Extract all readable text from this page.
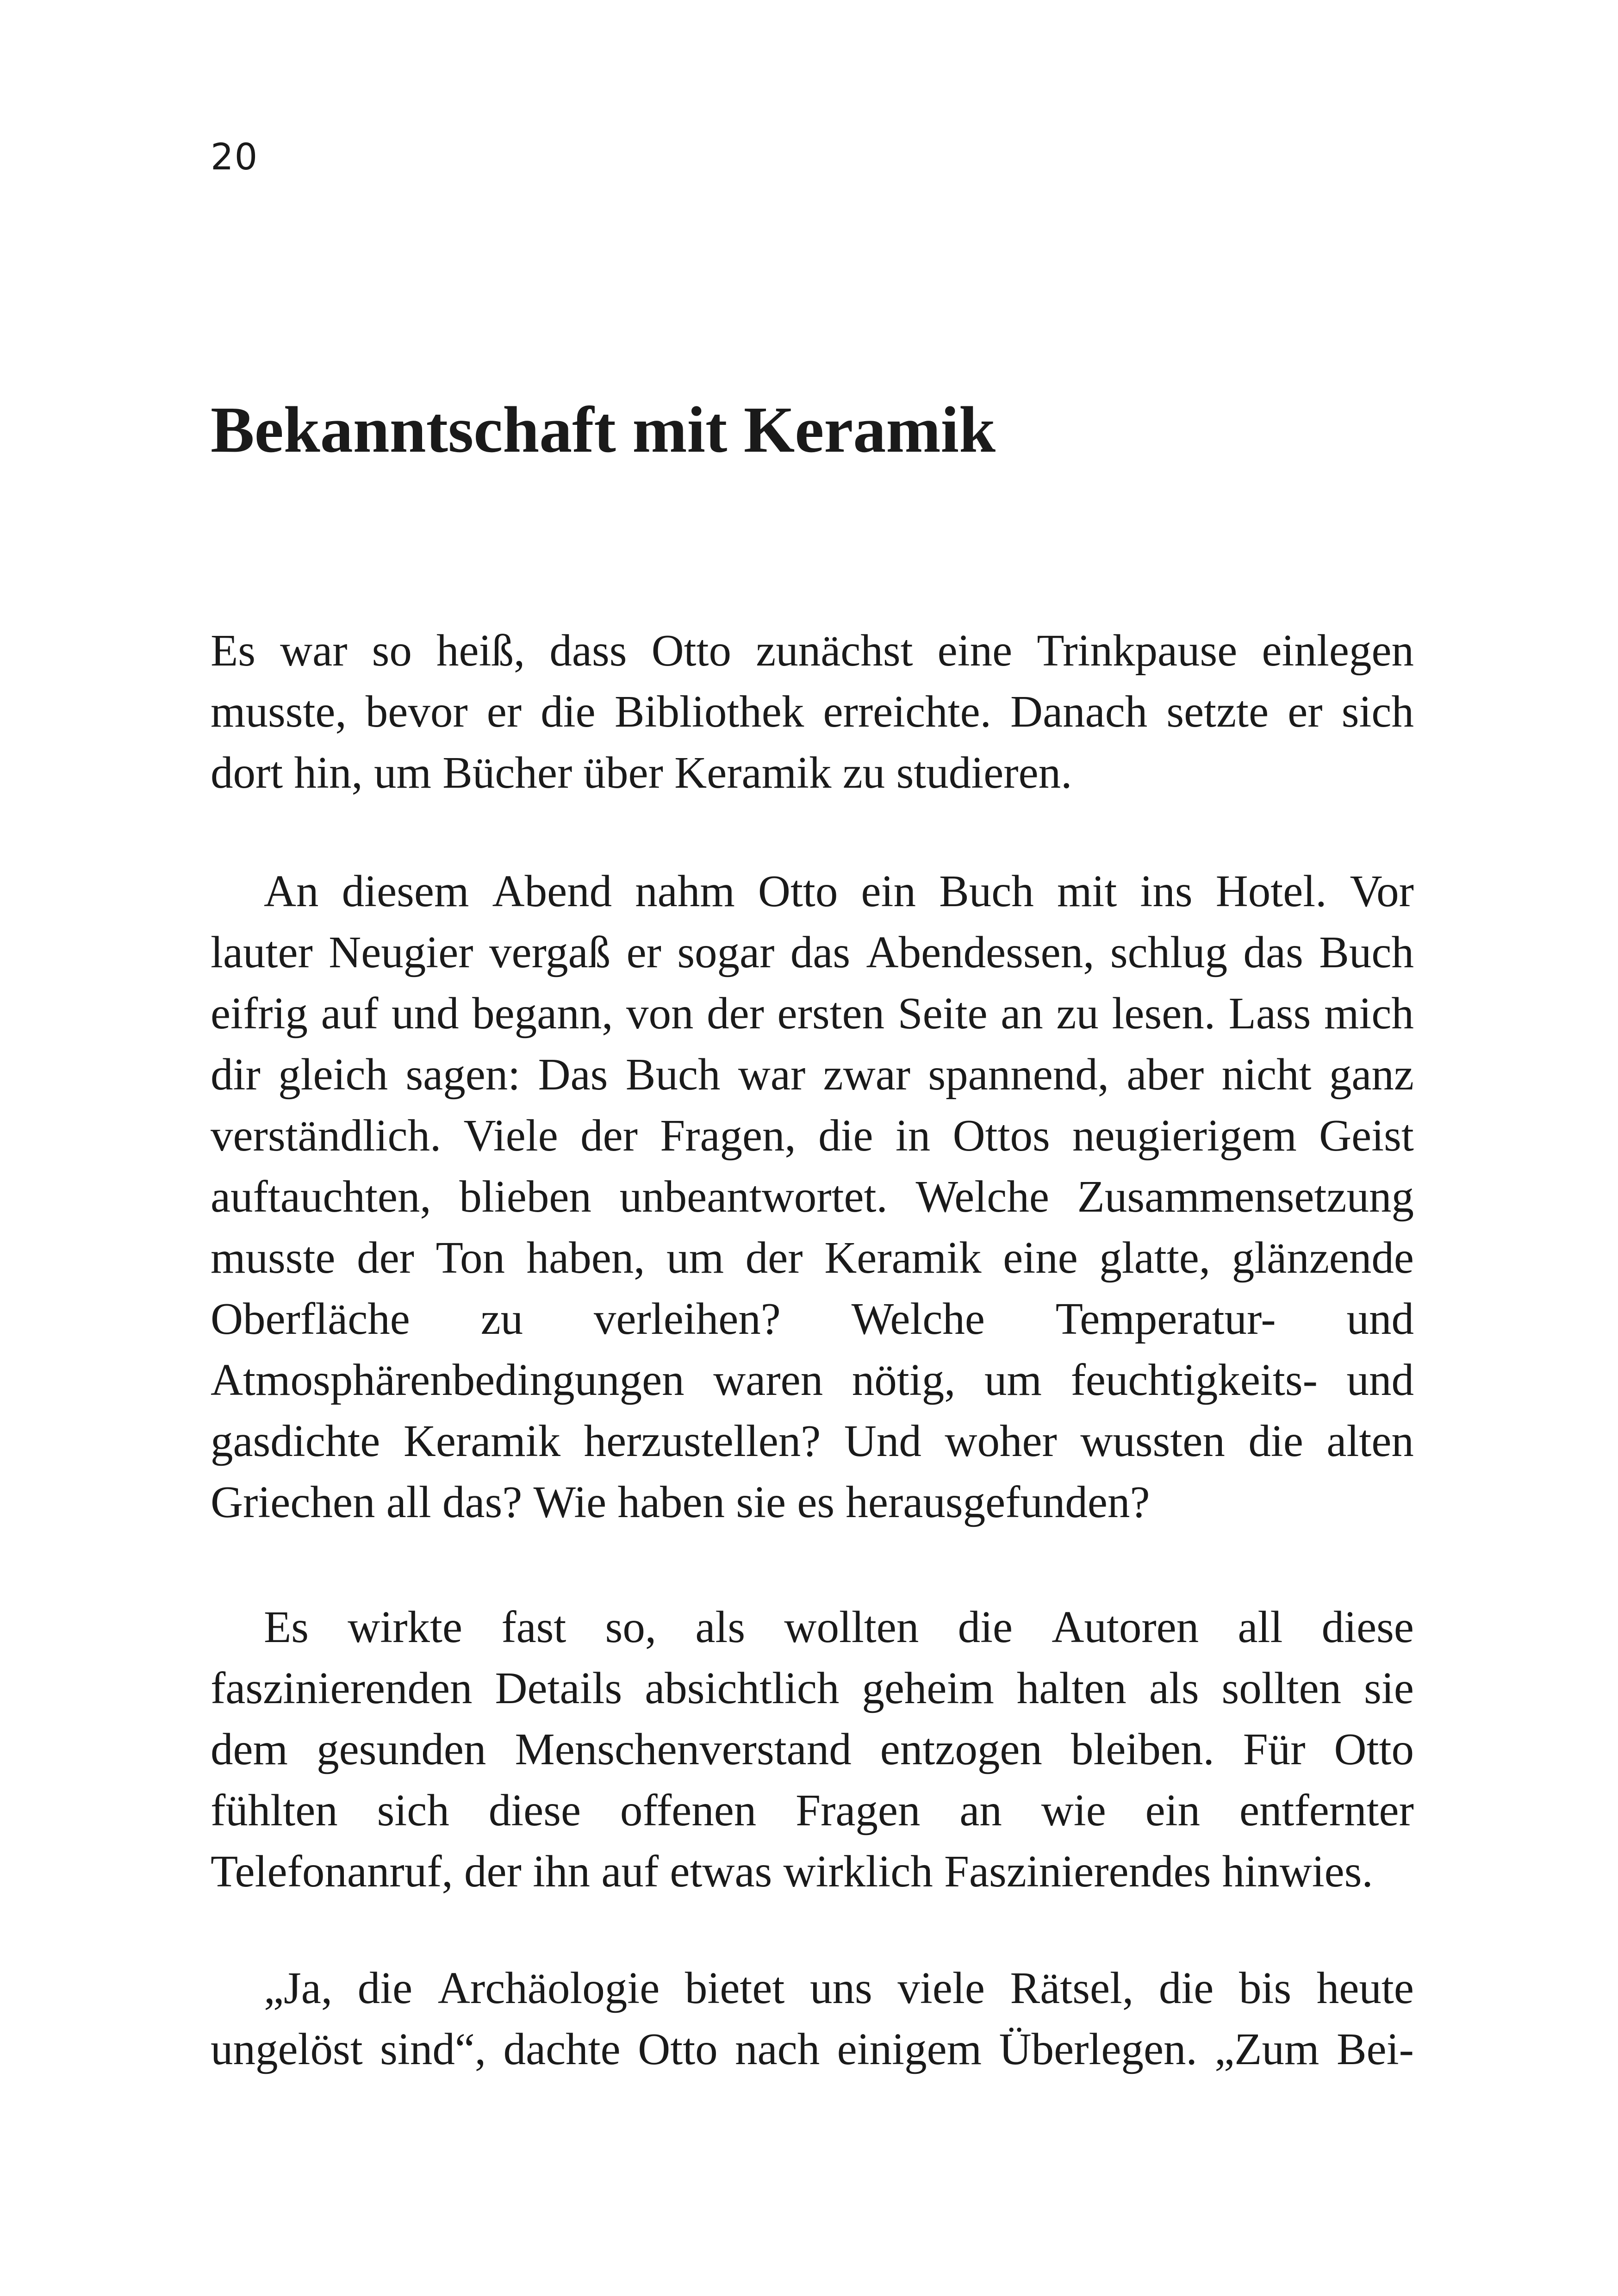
20
Bekanntschaft mit Keramik
Es war so heiß, dass Otto zunächst eine Trinkpause einlegen
musste, bevor er die Bibliothek erreichte. Danach setzte er sich
dort hin, um Bücher über Keramik zu studieren.
An diesem Abend nahm Otto ein Buch mit ins Hotel. Vor
lauter Neugier vergaß er sogar das Abendessen, schlug das Buch
eifrig auf und begann, von der ersten Seite an zu lesen. Lass mich
dir gleich sagen: Das Buch war zwar spannend, aber nicht ganz
verständlich. Viele der Fragen, die in Ottos neugierigem Geist
auftauchten, blieben unbeantwortet. Welche Zusammensetzung
musste der Ton haben, um der Keramik eine glatte, glänzende
Oberfläche zu verleihen? Welche Temperatur- und
Atmosphärenbedingungen waren nötig, um feuchtigkeits- und
gasdichte Keramik herzustellen? Und woher wussten die alten
Griechen all das? Wie haben sie es herausgefunden?
Es wirkte fast so, als wollten die Autoren all diese
faszinierenden Details absichtlich geheim halten als sollten sie
dem gesunden Menschenverstand entzogen bleiben. Für Otto
fühlten sich diese offenen Fragen an wie ein entfernter
Telefonanruf, der ihn auf etwas wirklich Faszinierendes hinwies.
„Ja, die Archäologie bietet uns viele Rätsel, die bis heute
ungelöst sind“, dachte Otto nach einigem Überlegen. „Zum Bei-
